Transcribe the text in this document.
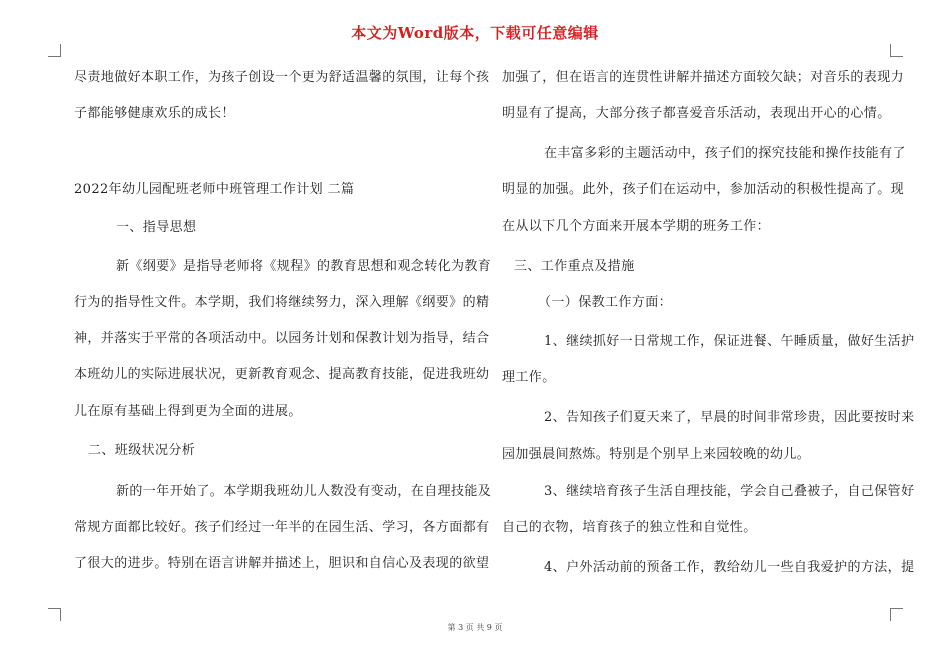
本文为Word版本，下载可任意编辑
尽责地做好本职工作，为孩子创设一个更为舒适温馨的氛围，让每个孩
子都能够健康欢乐的成长！
2022年幼儿园配班老师中班管理工作计划 二篇
一、指导思想
新《纲要》是指导老师将《规程》的教育思想和观念转化为教育
行为的指导性文件。本学期，我们将继续努力，深入理解《纲要》的精
神，并落实于平常的各项活动中。以园务计划和保教计划为指导，结合
本班幼儿的实际进展状况，更新教育观念、提高教育技能，促进我班幼
儿在原有基础上得到更为全面的进展。
二、班级状况分析
新的一年开始了。本学期我班幼儿人数没有变动，在自理技能及
常规方面都比较好。孩子们经过一年半的在园生活、学习，各方面都有
了很大的进步。特别在语言讲解并描述上，胆识和自信心及表现的欲望
加强了，但在语言的连贯性讲解并描述方面较欠缺；对音乐的表现力
明显有了提高，大部分孩子都喜爱音乐活动，表现出开心的心情。
在丰富多彩的主题活动中，孩子们的探究技能和操作技能有了
明显的加强。此外，孩子们在运动中，参加活动的积极性提高了。现
在从以下几个方面来开展本学期的班务工作：
三、工作重点及措施
（一）保教工作方面：
1、继续抓好一日常规工作，保证进餐、午睡质量，做好生活护
理工作。
2、告知孩子们夏天来了，早晨的时间非常珍贵，因此要按时来
园加强晨间熬炼。特别是个别早上来园较晚的幼儿。
3、继续培育孩子生活自理技能，学会自己叠被子，自己保管好
自己的衣物，培育孩子的独立性和自觉性。
4、户外活动前的预备工作，教给幼儿一些自我爱护的方法，提
第 3 页 共 9 页
